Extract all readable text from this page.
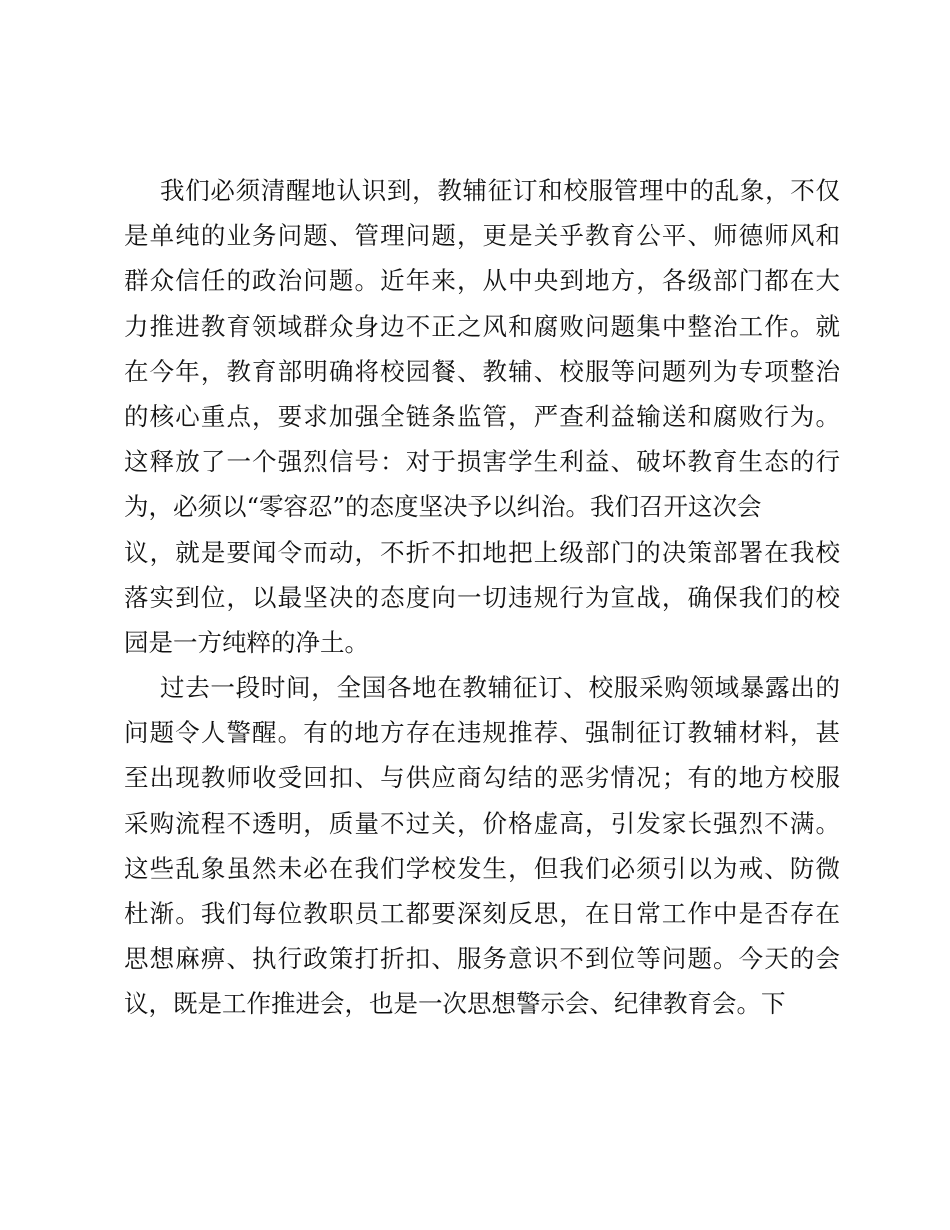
我们必须清醒地认识到，教辅征订和校服管理中的乱象，不仅
是单纯的业务问题、管理问题，更是关乎教育公平、师德师风和
群众信任的政治问题。近年来，从中央到地方，各级部门都在大
力推进教育领域群众身边不正之风和腐败问题集中整治工作。就
在今年，教育部明确将校园餐、教辅、校服等问题列为专项整治
的核心重点，要求加强全链条监管，严查利益输送和腐败行为。
这释放了一个强烈信号：对于损害学生利益、破坏教育生态的行
为，必须以“零容忍”的态度坚决予以纠治。我们召开这次会
议，就是要闻令而动，不折不扣地把上级部门的决策部署在我校
落实到位，以最坚决的态度向一切违规行为宣战，确保我们的校
园是一方纯粹的净土。
过去一段时间，全国各地在教辅征订、校服采购领域暴露出的
问题令人警醒。有的地方存在违规推荐、强制征订教辅材料，甚
至出现教师收受回扣、与供应商勾结的恶劣情况；有的地方校服
采购流程不透明，质量不过关，价格虚高，引发家长强烈不满。
这些乱象虽然未必在我们学校发生，但我们必须引以为戒、防微
杜渐。我们每位教职员工都要深刻反思，在日常工作中是否存在
思想麻痹、执行政策打折扣、服务意识不到位等问题。今天的会
议，既是工作推进会，也是一次思想警示会、纪律教育会。下
